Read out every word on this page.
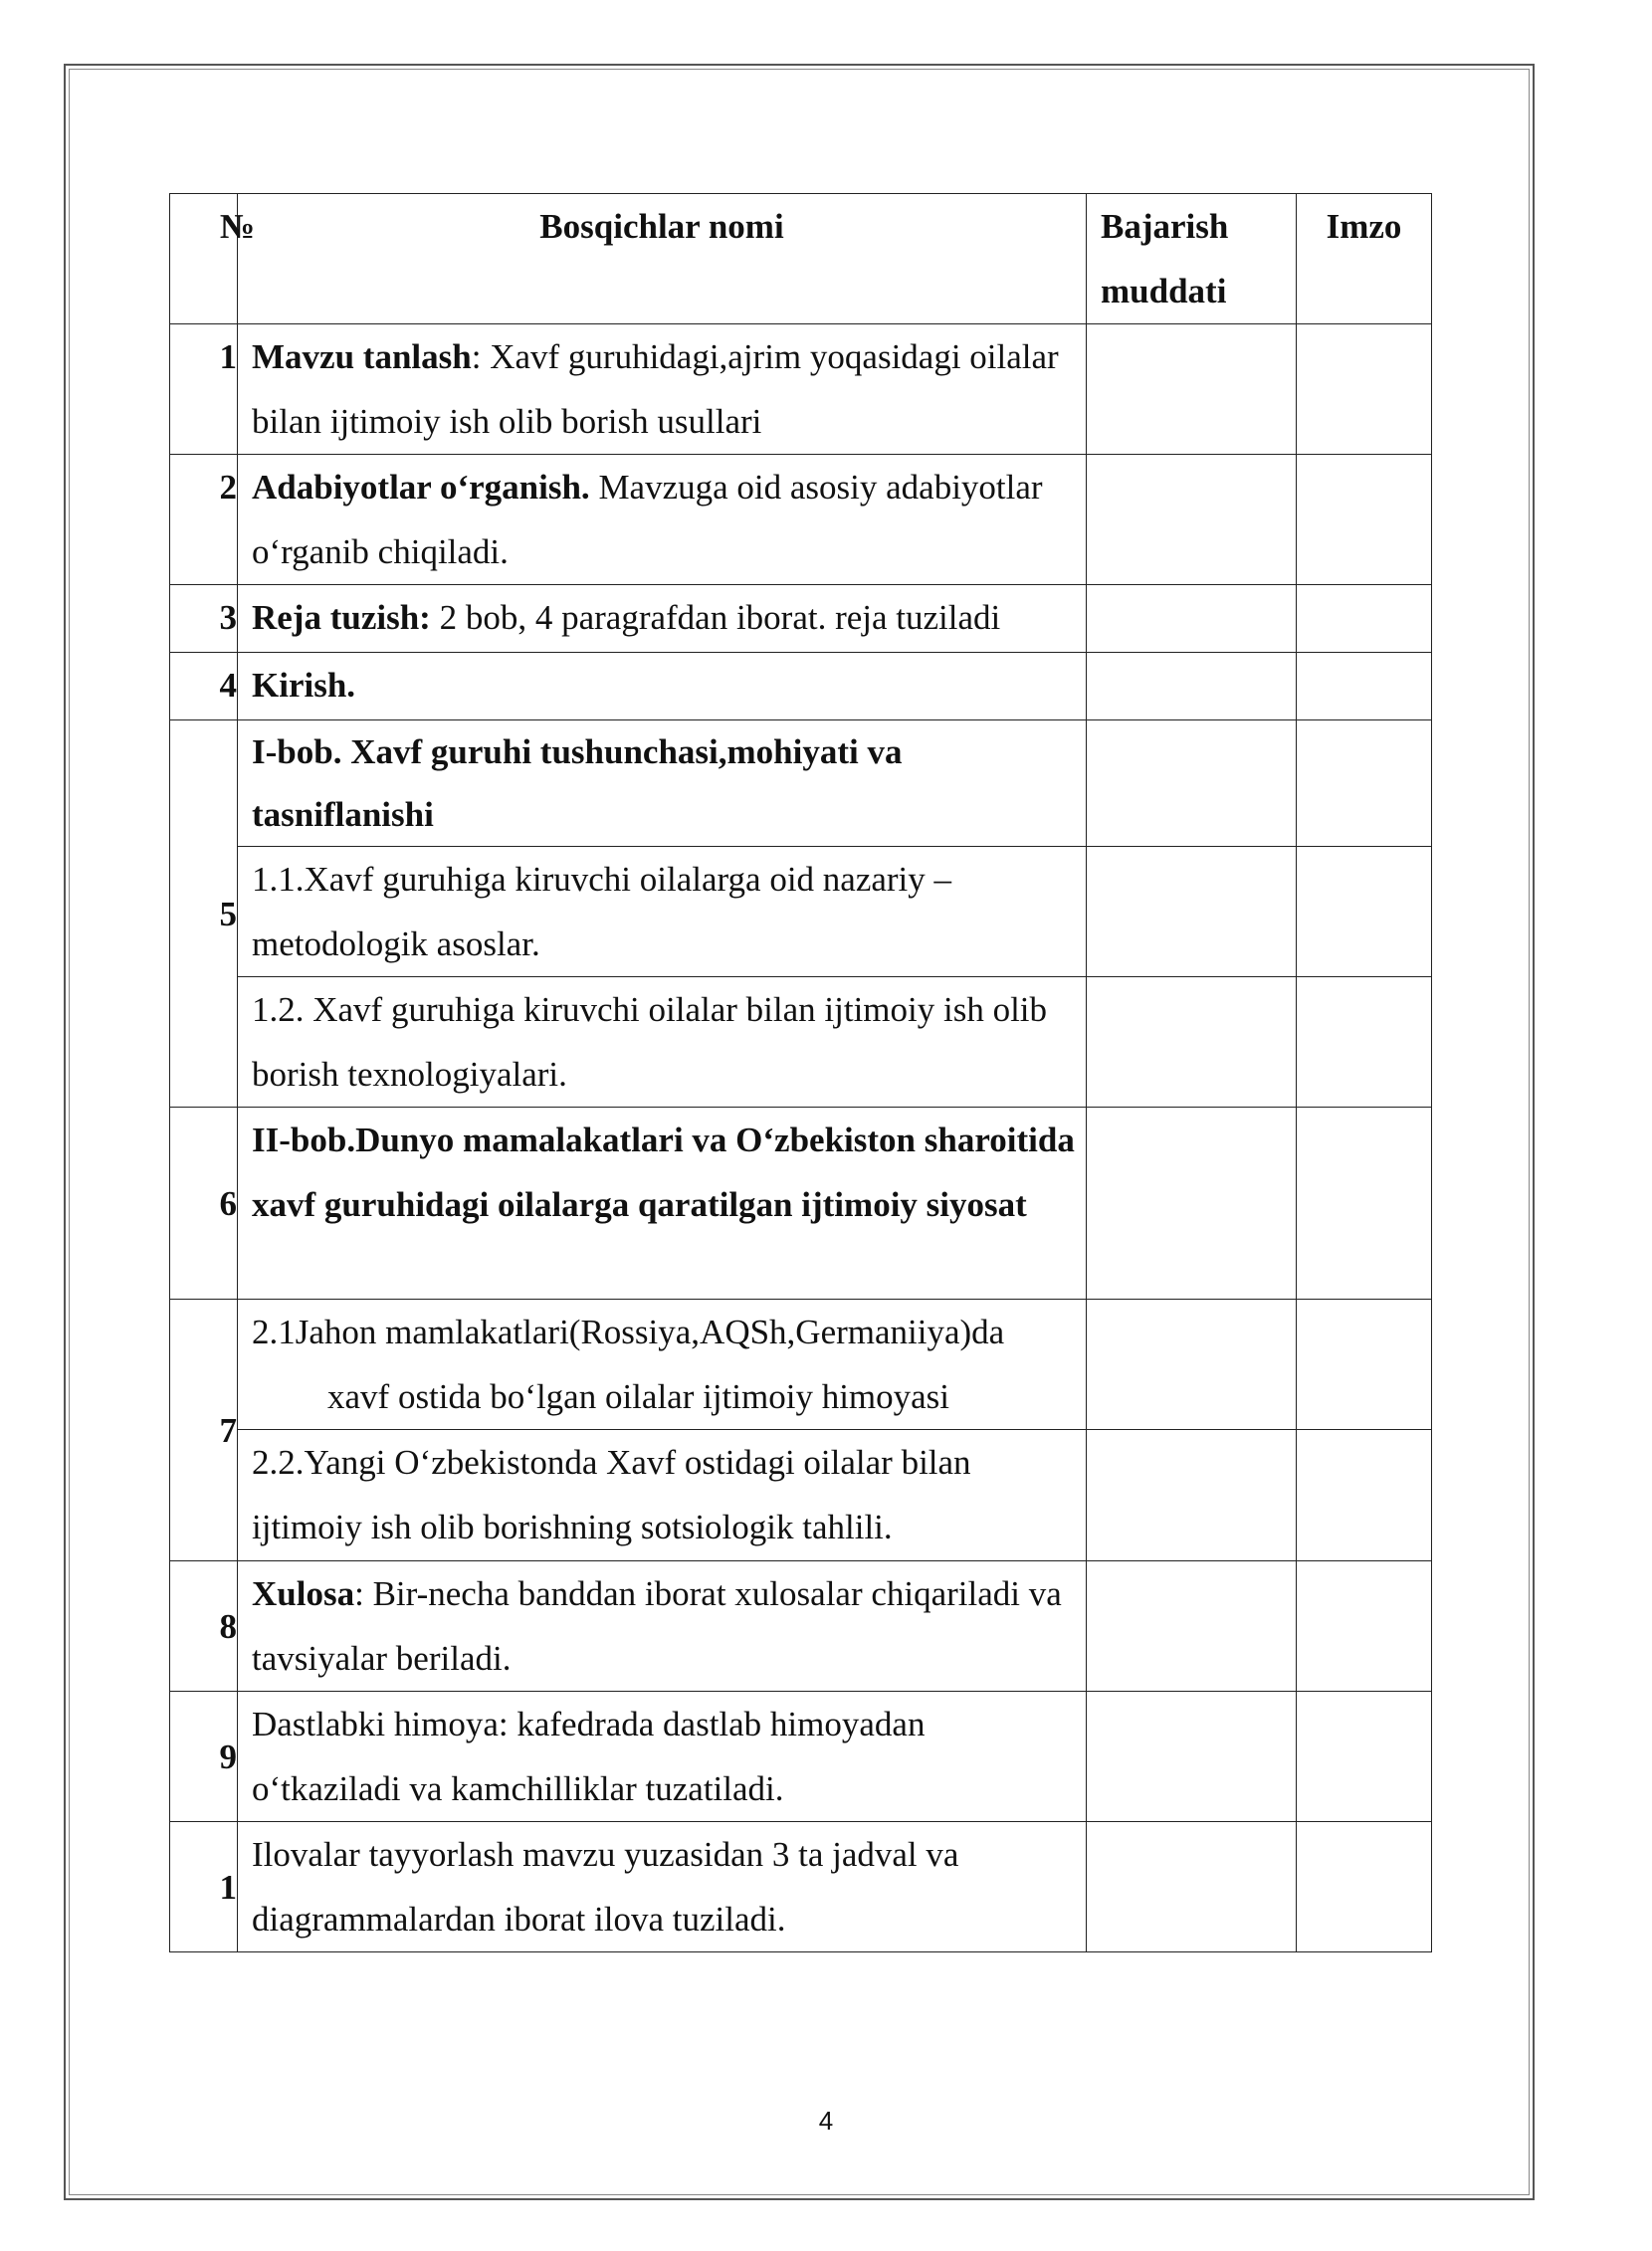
№	Bosqichlar nomi	Bajarish muddati	Imzo
1	Mavzu tanlash: Xavf guruhidagi,ajrim yoqasidagi oilalar bilan ijtimoiy ish olib borish usullari		
2	Adabiyotlar oʻrganish. Mavzuga oid asosiy adabiyotlar oʻrganib chiqiladi.		
3	Reja tuzish: 2 bob, 4 paragrafdan iborat. reja tuziladi		
4	Kirish.		
5	I-bob. Xavf guruhi tushunchasi,mohiyati va tasniflanishi		
	1.1.Xavf guruhiga kiruvchi oilalarga oid nazariy – metodologik asoslar.		
	1.2. Xavf guruhiga kiruvchi oilalar bilan ijtimoiy ish olib borish texnologiyalari.		
6	II-bob.Dunyo mamalakatlari va Oʻzbekiston sharoitida xavf guruhidagi oilalarga qaratilgan ijtimoiy siyosat		
7	2.1Jahon mamlakatlari(Rossiya,AQSh,Germaniiya)da
xavf ostida boʻlgan oilalar ijtimoiy himoyasi		
	2.2.Yangi Oʻzbekistonda Xavf ostidagi oilalar bilan ijtimoiy ish olib borishning sotsiologik tahlili.		
8	Xulosa: Bir-necha banddan iborat xulosalar chiqariladi va tavsiyalar beriladi.		
9	Dastlabki himoya: kafedrada dastlab himoyadan oʻtkaziladi va kamchilliklar tuzatiladi.		
1	Ilovalar tayyorlash mavzu yuzasidan 3 ta jadval va diagrammalardan iborat ilova tuziladi.		
4
